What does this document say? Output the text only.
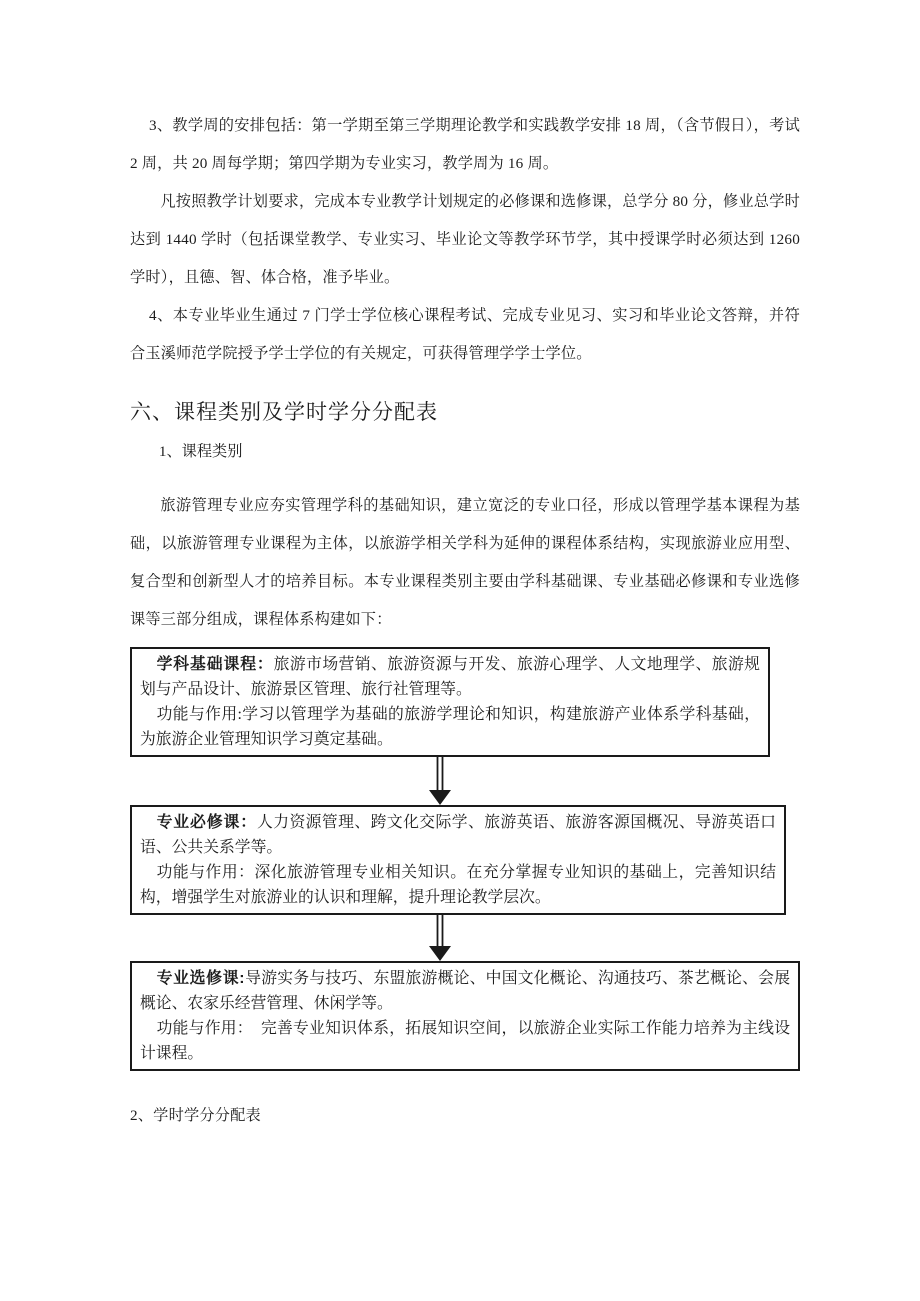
3、教学周的安排包括：第一学期至第三学期理论教学和实践教学安排 18 周，（含节假日），考试 2 周，共 20 周每学期；第四学期为专业实习，教学周为 16 周。

凡按照教学计划要求，完成本专业教学计划规定的必修课和选修课，总学分 80 分，修业总学时达到 1440 学时（包括课堂教学、专业实习、毕业论文等教学环节学，其中授课学时必须达到 1260 学时），且德、智、体合格，准予毕业。

4、本专业毕业生通过 7 门学士学位核心课程考试、完成专业见习、实习和毕业论文答辩，并符合玉溪师范学院授予学士学位的有关规定，可获得管理学学士学位。

六、课程类别及学时学分分配表

1、课程类别

旅游管理专业应夯实管理学科的基础知识，建立宽泛的专业口径，形成以管理学基本课程为基础，以旅游管理专业课程为主体，以旅游学相关学科为延伸的课程体系结构，实现旅游业应用型、复合型和创新型人才的培养目标。本专业课程类别主要由学科基础课、专业基础必修课和专业选修课等三部分组成，课程体系构建如下：

学科基础课程：旅游市场营销、旅游资源与开发、旅游心理学、人文地理学、旅游规划与产品设计、旅游景区管理、旅行社管理等。

功能与作用:学习以管理学为基础的旅游学理论和知识，构建旅游产业体系学科基础，为旅游企业管理知识学习奠定基础。

专业必修课：人力资源管理、跨文化交际学、旅游英语、旅游客源国概况、导游英语口语、公共关系学等。

功能与作用：深化旅游管理专业相关知识。在充分掌握专业知识的基础上，完善知识结构，增强学生对旅游业的认识和理解，提升理论教学层次。

专业选修课:导游实务与技巧、东盟旅游概论、中国文化概论、沟通技巧、茶艺概论、会展概论、农家乐经营管理、休闲学等。

功能与作用：　完善专业知识体系，拓展知识空间，以旅游企业实际工作能力培养为主线设计课程。

2、学时学分分配表
